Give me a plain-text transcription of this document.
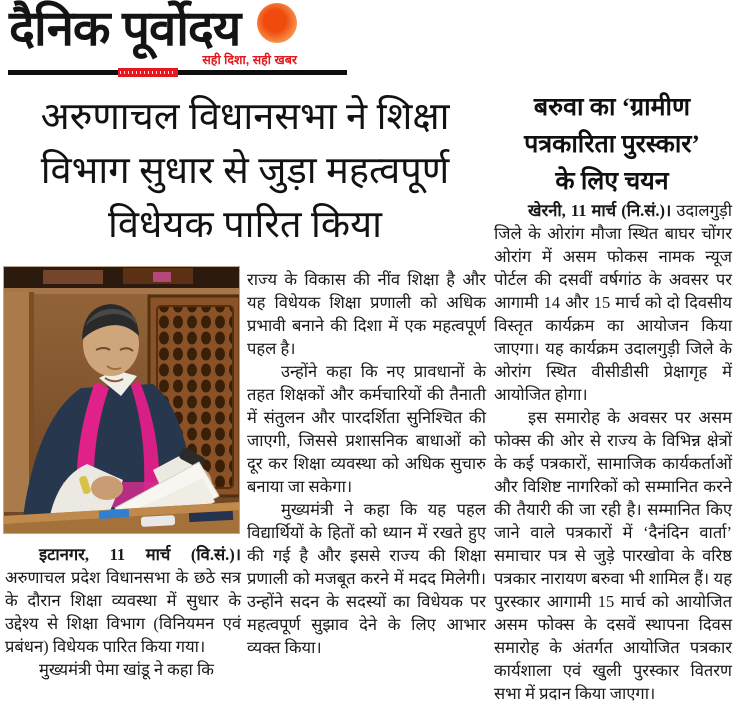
दैनिक पूर्वोदय
सही दिशा, सही खबर
अरुणाचल विधानसभा ने शिक्षा
विभाग सुधार से जुड़ा महत्वपूर्ण
विधेयक पारित किया

इटानगर, 11 मार्च (वि.सं.)। अरुणाचल प्रदेश विधानसभा के छठे सत्र के दौरान शिक्षा व्यवस्था में सुधार के उद्देश्य से शिक्षा विभाग (विनियमन एवं प्रबंधन) विधेयक पारित किया गया।

मुख्यमंत्री पेमा खांडू ने कहा कि

राज्य के विकास की नींव शिक्षा है और यह विधेयक शिक्षा प्रणाली को अधिक प्रभावी बनाने की दिशा में एक महत्वपूर्ण पहल है।

उन्होंने कहा कि नए प्रावधानों के तहत शिक्षकों और कर्मचारियों की तैनाती में संतुलन और पारदर्शिता सुनिश्चित की जाएगी, जिससे प्रशासनिक बाधाओं को दूर कर शिक्षा व्यवस्था को अधिक सुचारु बनाया जा सकेगा।

मुख्यमंत्री ने कहा कि यह पहल विद्यार्थियों के हितों को ध्यान में रखते हुए की गई है और इससे राज्य की शिक्षा प्रणाली को मजबूत करने में मदद मिलेगी। उन्होंने सदन के सदस्यों का विधेयक पर महत्वपूर्ण सुझाव देने के लिए आभार व्यक्त किया।

बरुवा का ‘ग्रामीण
पत्रकारिता पुरस्कार’
के लिए चयन

खेरनी, 11 मार्च (नि.सं.)। उदालगुड़ी जिले के ओरांग मौजा स्थित बाघर चोंगर ओरांग में असम फोकस नामक न्यूज पोर्टल की दसवीं वर्षगांठ के अवसर पर आगामी 14 और 15 मार्च को दो दिवसीय विस्तृत कार्यक्रम का आयोजन किया जाएगा। यह कार्यक्रम उदालगुड़ी जिले के ओरांग स्थित वीसीडीसी प्रेक्षागृह में आयोजित होगा।

इस समारोह के अवसर पर असम फोक्स की ओर से राज्य के विभिन्न क्षेत्रों के कई पत्रकारों, सामाजिक कार्यकर्ताओं और विशिष्ट नागरिकों को सम्मानित करने की तैयारी की जा रही है। सम्मानित किए जाने वाले पत्रकारों में ‘दैनंदिन वार्ता’ समाचार पत्र से जुड़े पारखोवा के वरिष्ठ पत्रकार नारायण बरुवा भी शामिल हैं। यह पुरस्कार आगामी 15 मार्च को आयोजित असम फोक्स के दसवें स्थापना दिवस समारोह के अंतर्गत आयोजित पत्रकार कार्यशाला एवं खुली पुरस्कार वितरण सभा में प्रदान किया जाएगा।
